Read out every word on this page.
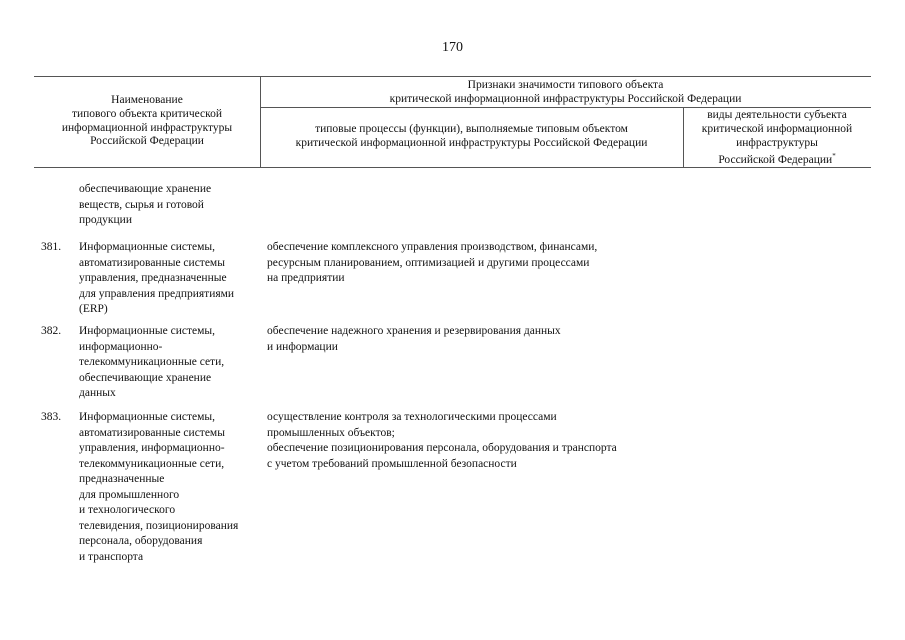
170
Наименование
типового объекта критической
информационной инфраструктуры
Российской Федерации
Признаки значимости типового объекта
критической информационной инфраструктуры Российской Федерации
типовые процессы (функции), выполняемые типовым объектом
критической информационной инфраструктуры Российской Федерации
виды деятельности субъекта
критической информационной
инфраструктуры
Российской Федерации*
обеспечивающие хранение
веществ, сырья и готовой
продукции
381. Информационные системы,
автоматизированные системы
управления, предназначенные
для управления предприятиями
(ERP)
обеспечение комплексного управления производством, финансами,
ресурсным планированием, оптимизацией и другими процессами
на предприятии
382. Информационные системы,
информационно-
телекоммуникационные сети,
обеспечивающие хранение
данных
обеспечение надежного хранения и резервирования данных
и информации
383. Информационные системы,
автоматизированные системы
управления, информационно-
телекоммуникационные сети,
предназначенные
для промышленного
и технологического
телевидения, позиционирования
персонала, оборудования
и транспорта
осуществление контроля за технологическими процессами
промышленных объектов;
обеспечение позиционирования персонала, оборудования и транспорта
с учетом требований промышленной безопасности
